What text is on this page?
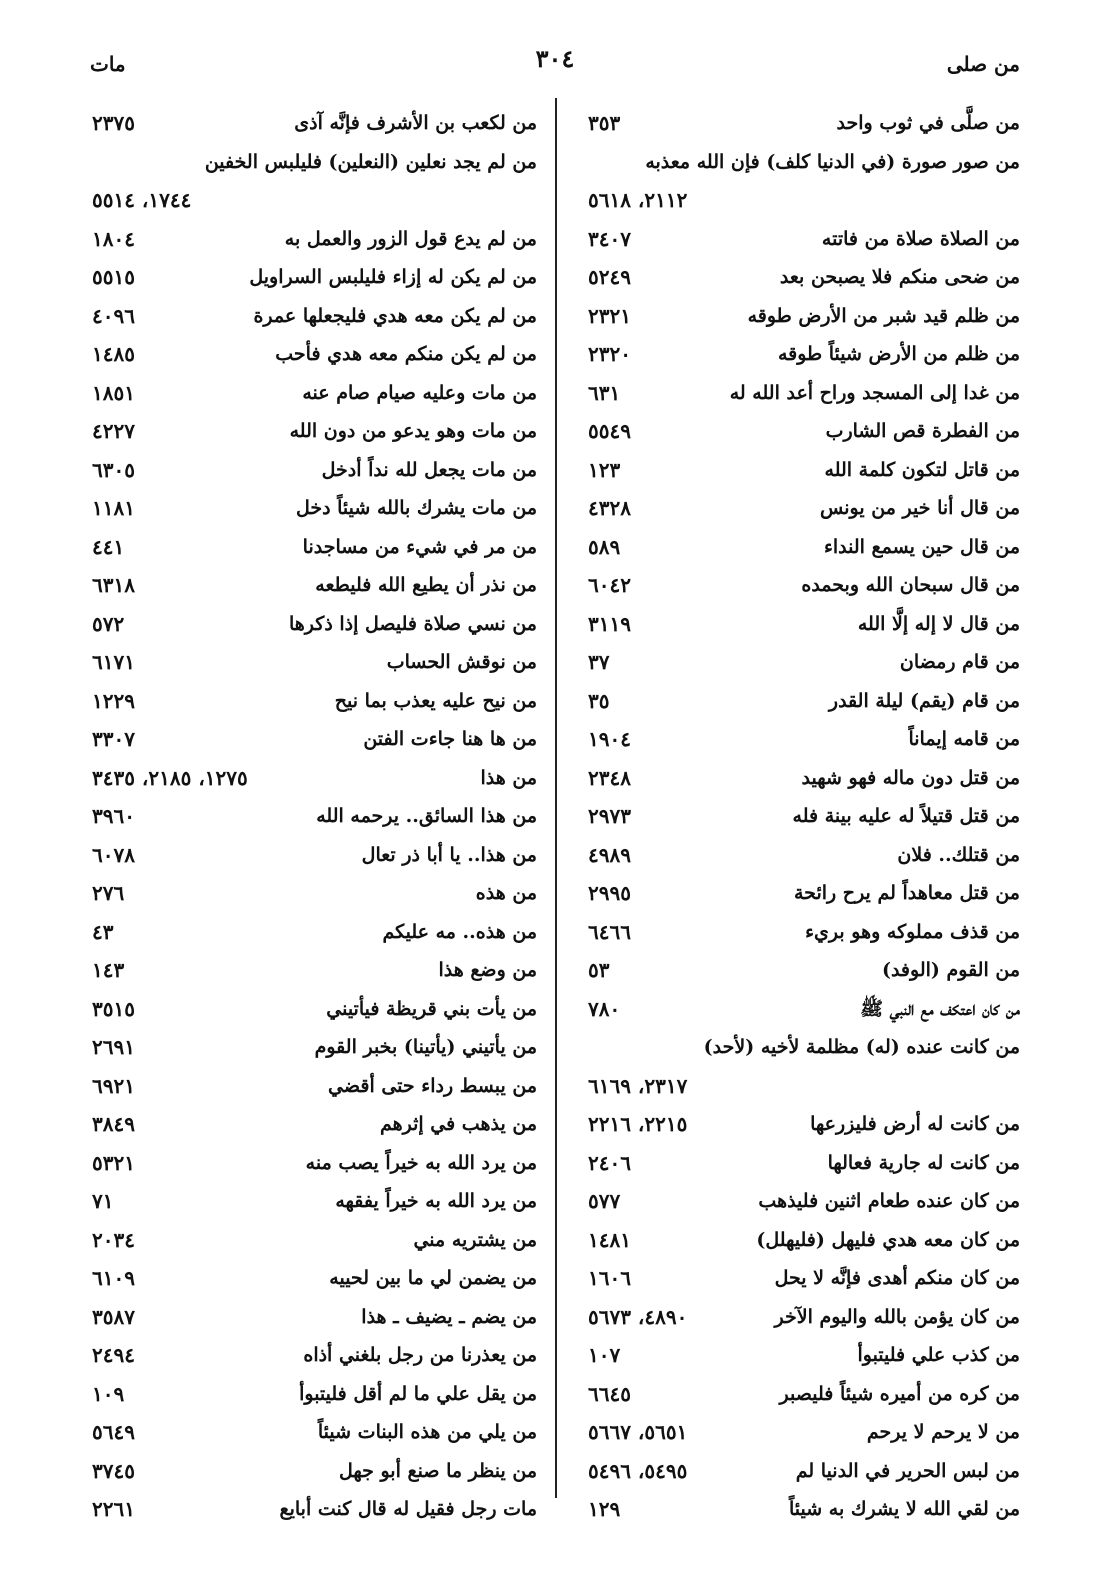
من صلى
٣٠٤
مات
من صلَّى في ثوب واحد
٣٥٣
من صور صورة (في الدنيا كلف) فإن الله معذبه
٢١١٢، ٥٦١٨
من الصلاة صلاة من فاتته
٣٤٠٧
من ضحى منكم فلا يصبحن بعد
٥٢٤٩
من ظلم قيد شبر من الأرض طوقه
٢٣٢١
من ظلم من الأرض شيئاً طوقه
٢٣٢٠
من غدا إلى المسجد وراح أعد الله له
٦٣١
من الفطرة قص الشارب
٥٥٤٩
من قاتل لتكون كلمة الله
١٢٣
من قال أنا خير من يونس
٤٣٢٨
من قال حين يسمع النداء
٥٨٩
من قال سبحان الله وبحمده
٦٠٤٢
من قال لا إله إلَّا الله
٣١١٩
من قام رمضان
٣٧
من قام (يقم) ليلة القدر
٣٥
من قامه إيماناً
١٩٠٤
من قتل دون ماله فهو شهيد
٢٣٤٨
من قتل قتيلاً له عليه بينة فله
٢٩٧٣
من قتلك.. فلان
٤٩٨٩
من قتل معاهداً لم يرح رائحة
٢٩٩٥
من قذف مملوكه وهو بريء
٦٤٦٦
من القوم (الوفد)
٥٣
من كان اعتكف مع النبي ﷺ
٧٨٠
من كانت عنده (له) مظلمة لأخيه (لأحد)
٢٣١٧، ٦١٦٩
من كانت له أرض فليزرعها
٢٢١٥، ٢٢١٦
من كانت له جارية فعالها
٢٤٠٦
من كان عنده طعام اثنين فليذهب
٥٧٧
من كان معه هدي فليهل (فليهلل)
١٤٨١
من كان منكم أهدى فإنَّه لا يحل
١٦٠٦
من كان يؤمن بالله واليوم الآخر
٤٨٩٠، ٥٦٧٣
من كذب علي فليتبوأ
١٠٧
من كره من أميره شيئاً فليصبر
٦٦٤٥
من لا يرحم لا يرحم
٥٦٥١، ٥٦٦٧
من لبس الحرير في الدنيا لم
٥٤٩٥، ٥٤٩٦
من لقي الله لا يشرك به شيئاً
١٢٩
من لكعب بن الأشرف فإنَّه آذى
٢٣٧٥
من لم يجد نعلين (النعلين) فليلبس الخفين
١٧٤٤، ٥٥١٤
من لم يدع قول الزور والعمل به
١٨٠٤
من لم يكن له إزاء فليلبس السراويل
٥٥١٥
من لم يكن معه هدي فليجعلها عمرة
٤٠٩٦
من لم يكن منكم معه هدي فأحب
١٤٨٥
من مات وعليه صيام صام عنه
١٨٥١
من مات وهو يدعو من دون الله
٤٢٢٧
من مات يجعل لله نداً أدخل
٦٣٠٥
من مات يشرك بالله شيئاً دخل
١١٨١
من مر في شيء من مساجدنا
٤٤١
من نذر أن يطيع الله فليطعه
٦٣١٨
من نسي صلاة فليصل إذا ذكرها
٥٧٢
من نوقش الحساب
٦١٧١
من نيح عليه يعذب بما نيح
١٢٢٩
من ها هنا جاءت الفتن
٣٣٠٧
من هذا
١٢٧٥، ٢١٨٥، ٣٤٣٥
من هذا السائق.. يرحمه الله
٣٩٦٠
من هذا.. يا أبا ذر تعال
٦٠٧٨
من هذه
٢٧٦
من هذه.. مه عليكم
٤٣
من وضع هذا
١٤٣
من يأت بني قريظة فيأتيني
٣٥١٥
من يأتيني (يأتينا) بخبر القوم
٢٦٩١
من يبسط رداء حتى أقضي
٦٩٢١
من يذهب في إثرهم
٣٨٤٩
من يرد الله به خيراً يصب منه
٥٣٢١
من يرد الله به خيراً يفقهه
٧١
من يشتريه مني
٢٠٣٤
من يضمن لي ما بين لحييه
٦١٠٩
من يضم ـ يضيف ـ هذا
٣٥٨٧
من يعذرنا من رجل بلغني أذاه
٢٤٩٤
من يقل علي ما لم أقل فليتبوأ
١٠٩
من يلي من هذه البنات شيئاً
٥٦٤٩
من ينظر ما صنع أبو جهل
٣٧٤٥
مات رجل فقيل له قال كنت أبايع
٢٢٦١
